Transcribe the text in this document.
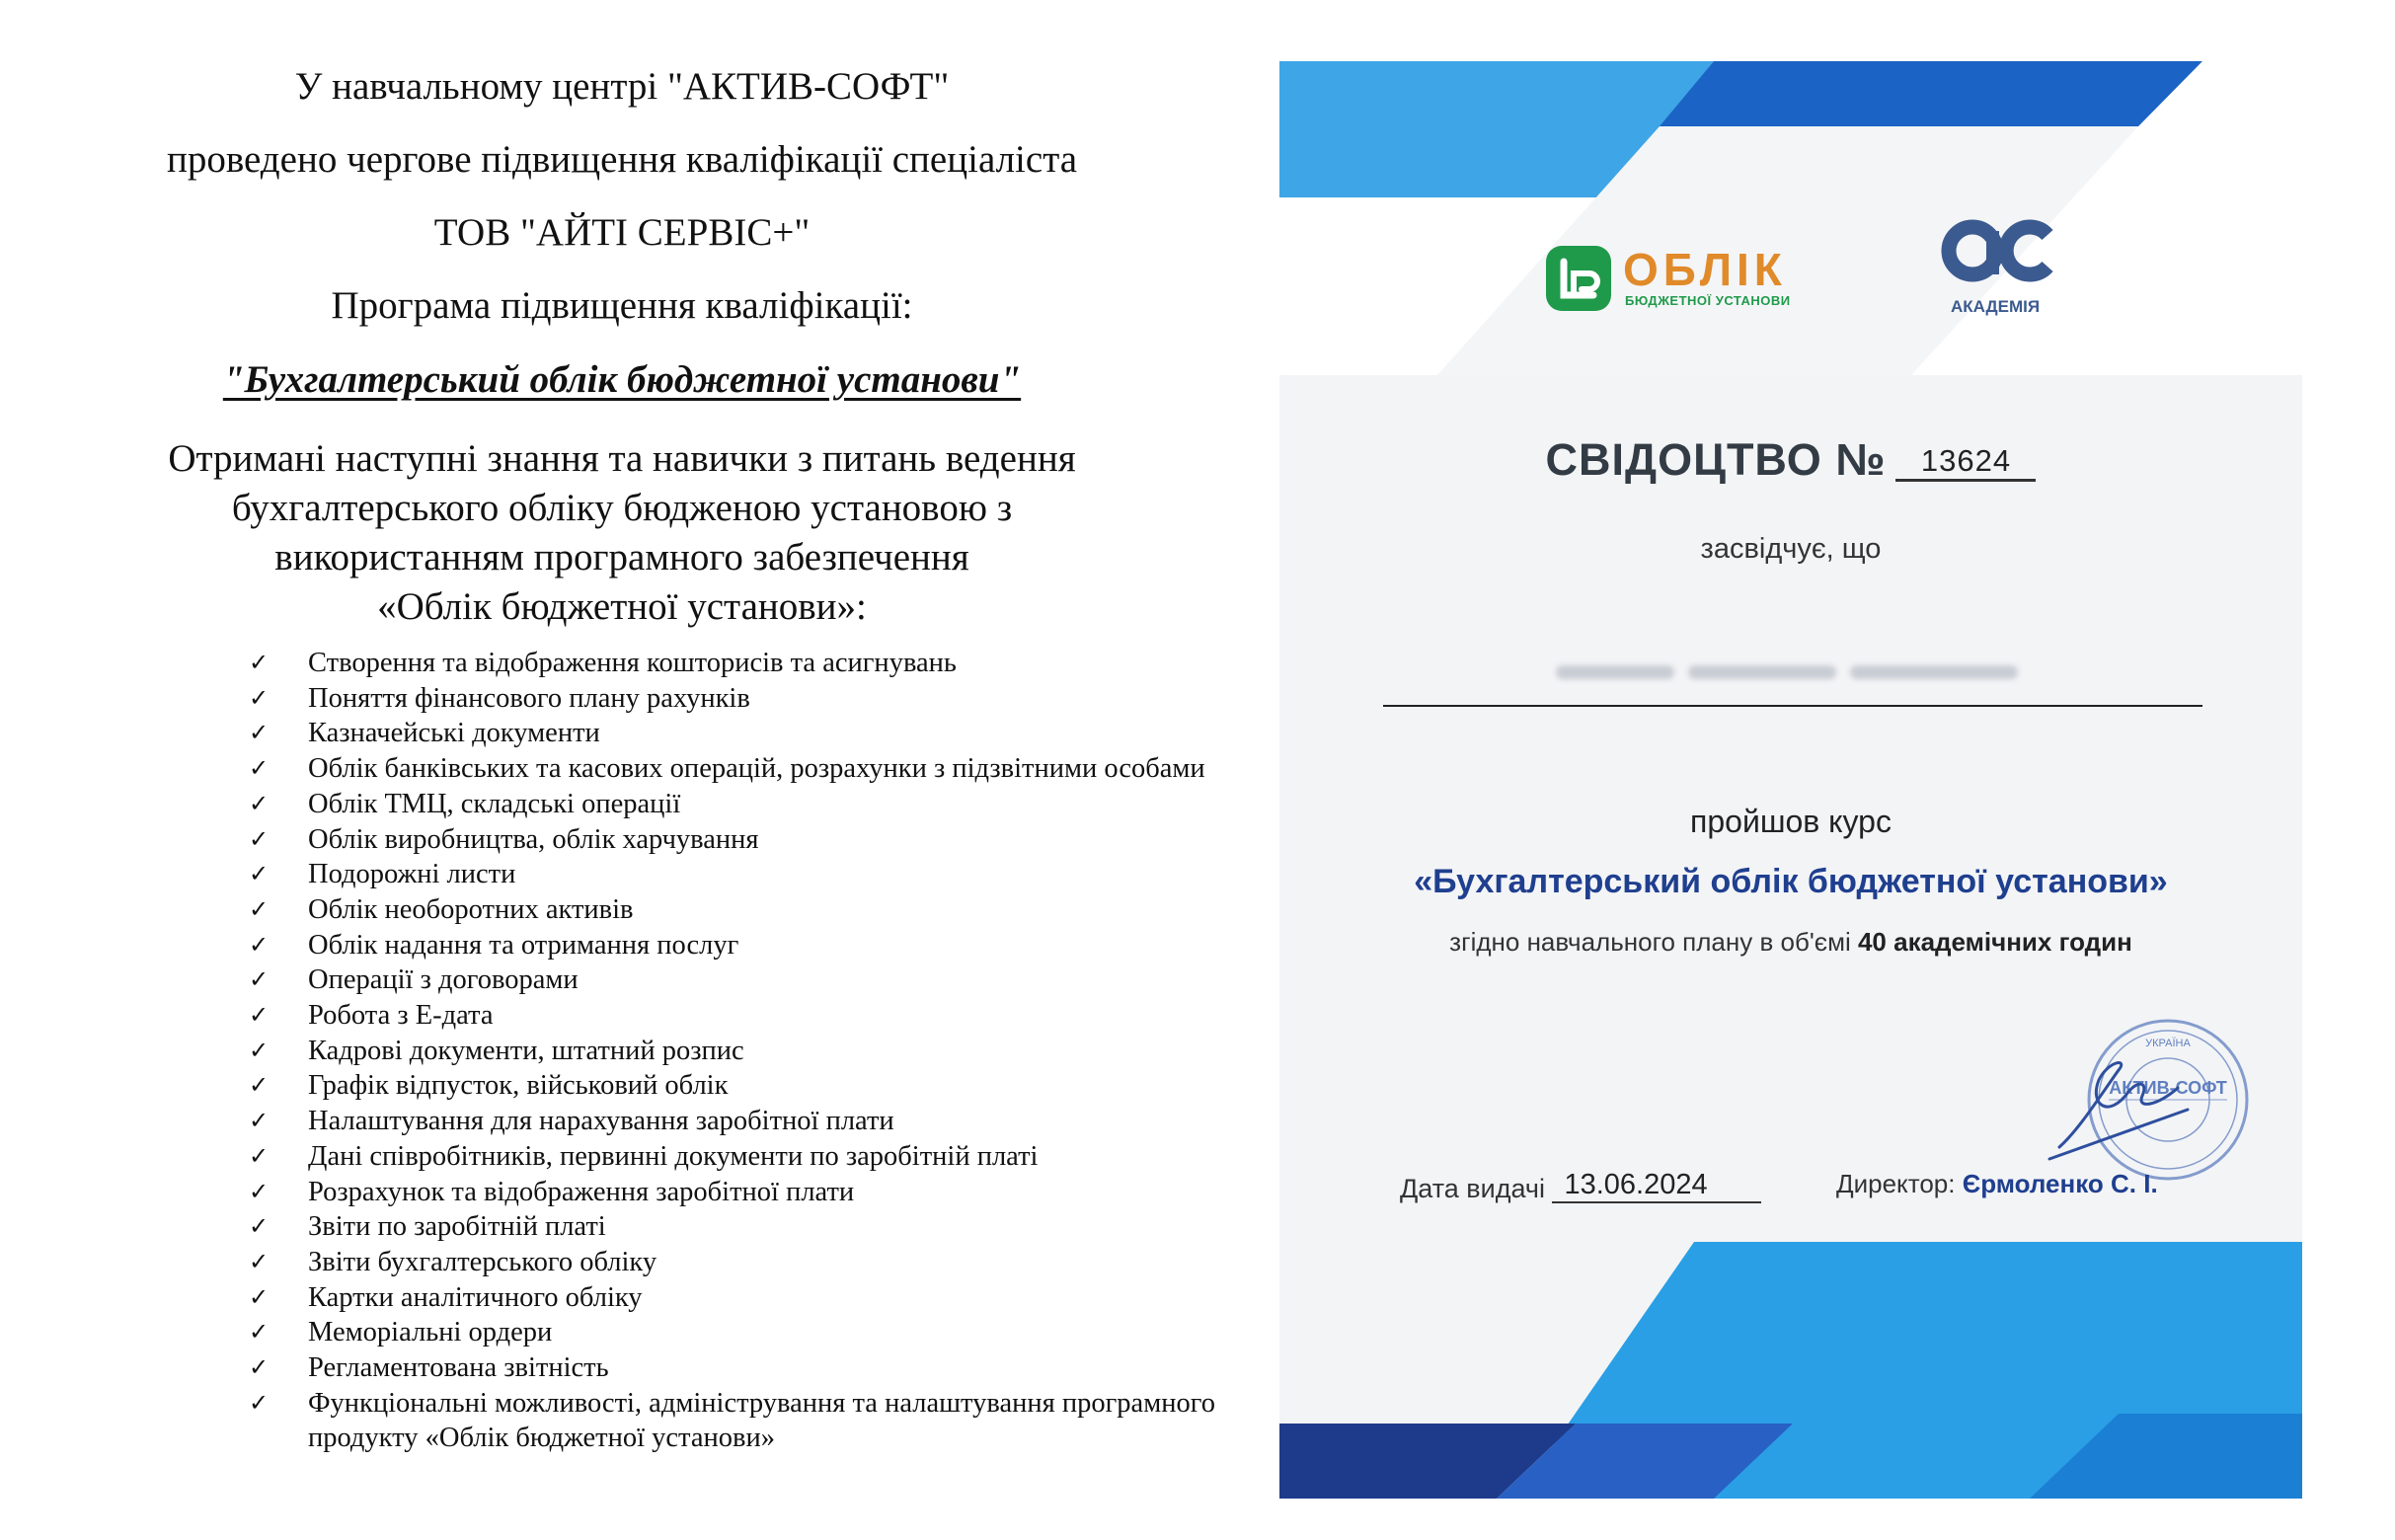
У навчальному центрі "АКТИВ-СОФТ"
проведено чергове підвищення кваліфікації спеціаліста
ТОВ "АЙТІ СЕРВІС+"
Програма підвищення кваліфікації:
"Бухгалтерський облік бюджетної установи"
Отримані наступні знання та навички з питань ведення
бухгалтерського обліку бюдженою установою з
використанням програмного забезпечення
«Облік бюджетної установи»:
✓ Створення та відображення кошторисів та асигнувань
✓ Поняття фінансового плану рахунків
✓ Казначейські документи
✓ Облік банківських та касових операцій, розрахунки з підзвітними особами
✓ Облік ТМЦ, складські операції
✓ Облік виробництва, облік харчування
✓ Подорожні листи
✓ Облік необоротних активів
✓ Облік надання та отримання послуг
✓ Операції з договорами
✓ Робота з Е-дата
✓ Кадрові документи, штатний розпис
✓ Графік відпусток, військовий облік
✓ Налаштування для нарахування заробітної плати
✓ Дані співробітників, первинні документи по заробітній платі
✓ Розрахунок та відображення заробітної плати
✓ Звіти по заробітній платі
✓ Звіти бухгалтерського обліку
✓ Картки аналітичного обліку
✓ Меморіальні ордери
✓ Регламентована звітність
✓ Функціональні можливості, адміністрування та налаштування програмного продукту «Облік бюджетної установи»
ОБЛІК
БЮДЖЕТНОЇ УСТАНОВИ	АКАДЕМІЯ
СВІДОЦТВО № 13624
засвідчує, що
пройшов курс
«Бухгалтерський облік бюджетної установи»
згідно навчального плану в об'ємі 40 академічних годин
УКРАЇНА
АКТИВ-СОФТ
Дата видачі 13.06.2024	Директор: Єрмоленко С. І.
